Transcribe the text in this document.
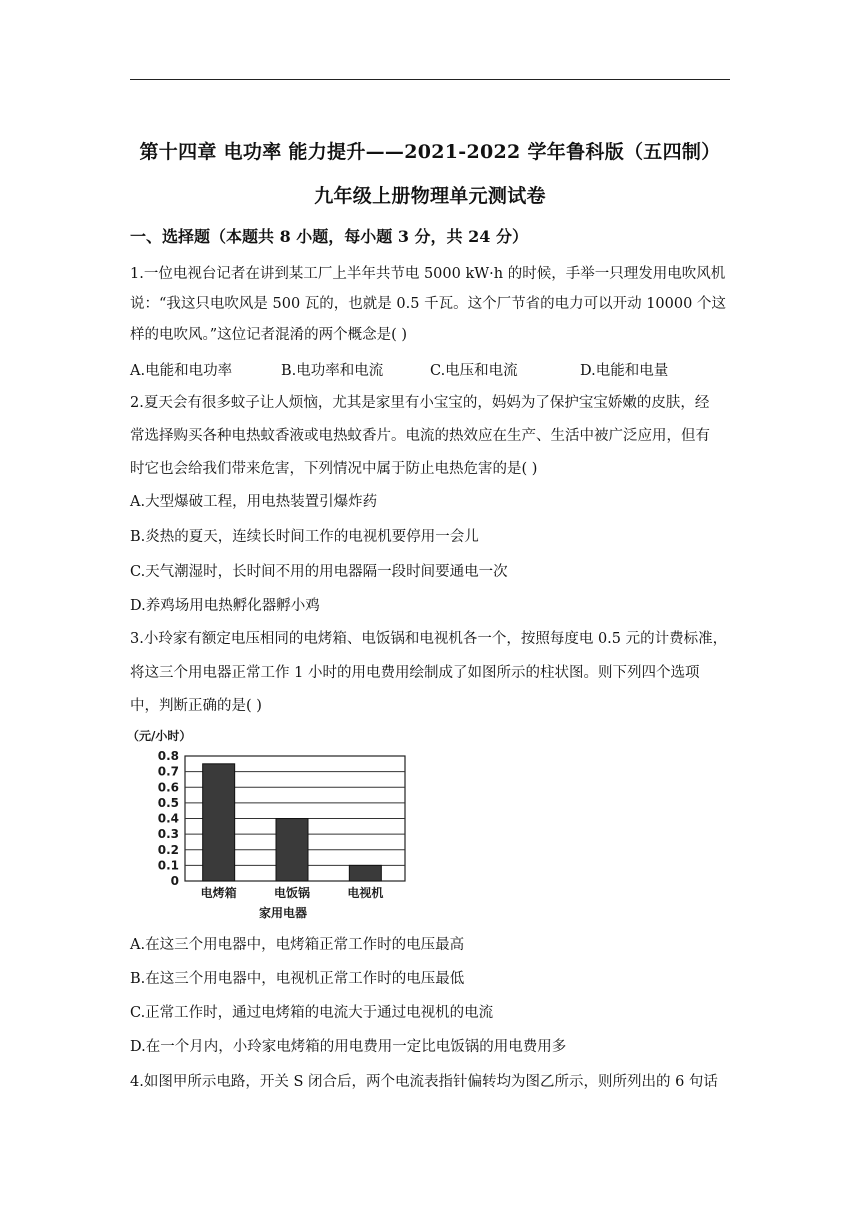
第十四章 电功率 能力提升——2021-2022 学年鲁科版（五四制）
九年级上册物理单元测试卷
一、选择题（本题共 8 小题，每小题 3 分，共 24 分）
1.一位电视台记者在讲到某工厂上半年共节电 5000 kW·h 的时候，手举一只理发用电吹风机
说：“我这只电吹风是 500 瓦的，也就是 0.5 千瓦。这个厂节省的电力可以开动 10000 个这
样的电吹风。”这位记者混淆的两个概念是( )
A.电能和电功率	B.电功率和电流	C.电压和电流	D.电能和电量
2.夏天会有很多蚊子让人烦恼，尤其是家里有小宝宝的，妈妈为了保护宝宝娇嫩的皮肤，经
常选择购买各种电热蚊香液或电热蚊香片。电流的热效应在生产、生活中被广泛应用，但有
时它也会给我们带来危害，下列情况中属于防止电热危害的是( )
A.大型爆破工程，用电热装置引爆炸药
B.炎热的夏天，连续长时间工作的电视机要停用一会儿
C.天气潮湿时，长时间不用的用电器隔一段时间要通电一次
D.养鸡场用电热孵化器孵小鸡
3.小玲家有额定电压相同的电烤箱、电饭锅和电视机各一个，按照每度电 0.5 元的计费标准，
将这三个用电器正常工作 1 小时的用电费用绘制成了如图所示的柱状图。则下列四个选项
中，判断正确的是( )
（元/小时）
0
0.1
0.2
0.3
0.4
0.5
0.6
0.7
0.8
电烤箱	电饭锅	电视机
家用电器
A.在这三个用电器中，电烤箱正常工作时的电压最高
B.在这三个用电器中，电视机正常工作时的电压最低
C.正常工作时，通过电烤箱的电流大于通过电视机的电流
D.在一个月内，小玲家电烤箱的用电费用一定比电饭锅的用电费用多
4.如图甲所示电路，开关 S 闭合后，两个电流表指针偏转均为图乙所示，则所列出的 6 句话
